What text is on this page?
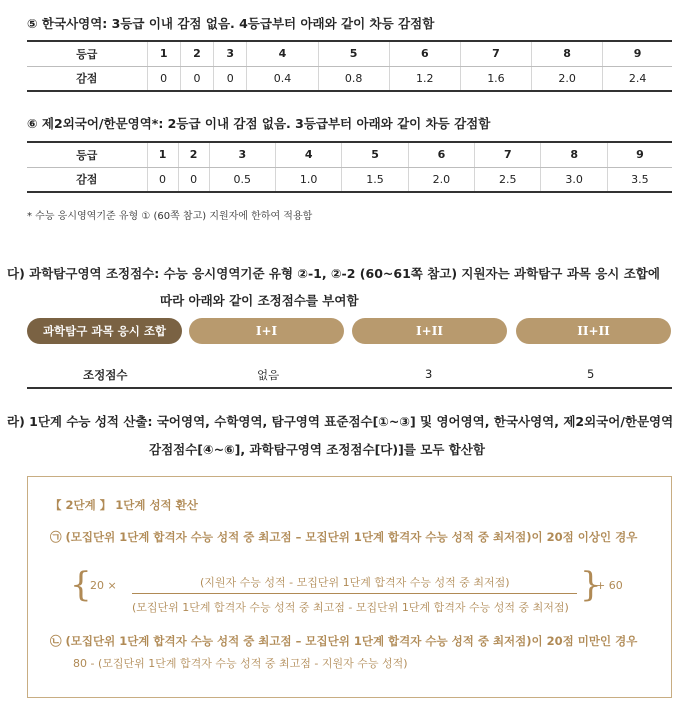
⑤ 한국사영역: 3등급 이내 감점 없음. 4등급부터 아래와 같이 차등 감점함
등급	1	2	3	4	5	6	7	8	9
감점	0	0	0	0.4	0.8	1.2	1.6	2.0	2.4
⑥ 제2외국어/한문영역*: 2등급 이내 감점 없음. 3등급부터 아래와 같이 차등 감점함
등급	1	2	3	4	5	6	7	8	9
감점	0	0	0.5	1.0	1.5	2.0	2.5	3.0	3.5
* 수능 응시영역기준 유형 ① (60쪽 참고) 지원자에 한하여 적용함
다) 과학탐구영역 조정점수: 수능 응시영역기준 유형 ②-1, ②-2 (60~61쪽 참고) 지원자는 과학탐구 과목 응시 조합에
따라 아래와 같이 조정점수를 부여함
과학탐구 과목 응시 조합	I+I	I+II	II+II
조정점수	없음	3	5
라) 1단계 수능 성적 산출: 국어영역, 수학영역, 탐구영역 표준점수[①~③] 및 영어영역, 한국사영역, 제2외국어/한문영역
감점점수[④~⑥], 과학탐구영역 조정점수[다)]를 모두 합산함
【 2단계 】 1단계 성적 환산
㉠ (모집단위 1단계 합격자 수능 성적 중 최고점 – 모집단위 1단계 합격자 수능 성적 중 최저점)이 20점 이상인 경우
{
20 ×	(지원자 수능 성적 - 모집단위 1단계 합격자 수능 성적 중 최저점)
(모집단위 1단계 합격자 수능 성적 중 최고점 - 모집단위 1단계 합격자 수능 성적 중 최저점)
}
+ 60
㉡ (모집단위 1단계 합격자 수능 성적 중 최고점 – 모집단위 1단계 합격자 수능 성적 중 최저점)이 20점 미만인 경우
80 - (모집단위 1단계 합격자 수능 성적 중 최고점 - 지원자 수능 성적)
